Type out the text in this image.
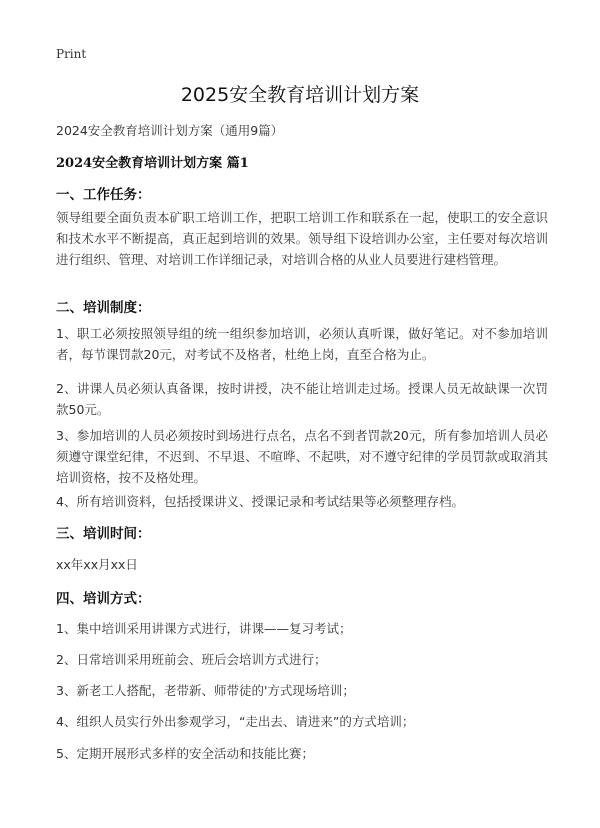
Print
2025安全教育培训计划方案
2024安全教育培训计划方案（通用9篇）
2024安全教育培训计划方案 篇1
一、工作任务：
领导组要全面负责本矿职工培训工作，把职工培训工作和联系在一起，使职工的安全意识和技术水平不断提高，真正起到培训的效果。领导组下设培训办公室，主任要对每次培训进行组织、管理、对培训工作详细记录，对培训合格的从业人员要进行建档管理。
二、培训制度：
1、职工必须按照领导组的统一组织参加培训，必须认真听课，做好笔记。对不参加培训者，每节课罚款20元，对考试不及格者，杜绝上岗，直至合格为止。
2、讲课人员必须认真备课，按时讲授，决不能让培训走过场。授课人员无故缺课一次罚款50元。
3、参加培训的人员必须按时到场进行点名，点名不到者罚款20元，所有参加培训人员必须遵守课堂纪律，不迟到、不早退、不喧哗、不起哄，对不遵守纪律的学员罚款或取消其培训资格，按不及格处理。
4、所有培训资料，包括授课讲义、授课记录和考试结果等必须整理存档。
三、培训时间：
xx年xx月xx日
四、培训方式：
1、集中培训采用讲课方式进行，讲课——复习考试；
2、日常培训采用班前会、班后会培训方式进行；
3、新老工人搭配，老带新、师带徒的'方式现场培训；
4、组织人员实行外出参观学习，“走出去、请进来”的方式培训；
5、定期开展形式多样的安全活动和技能比赛；
